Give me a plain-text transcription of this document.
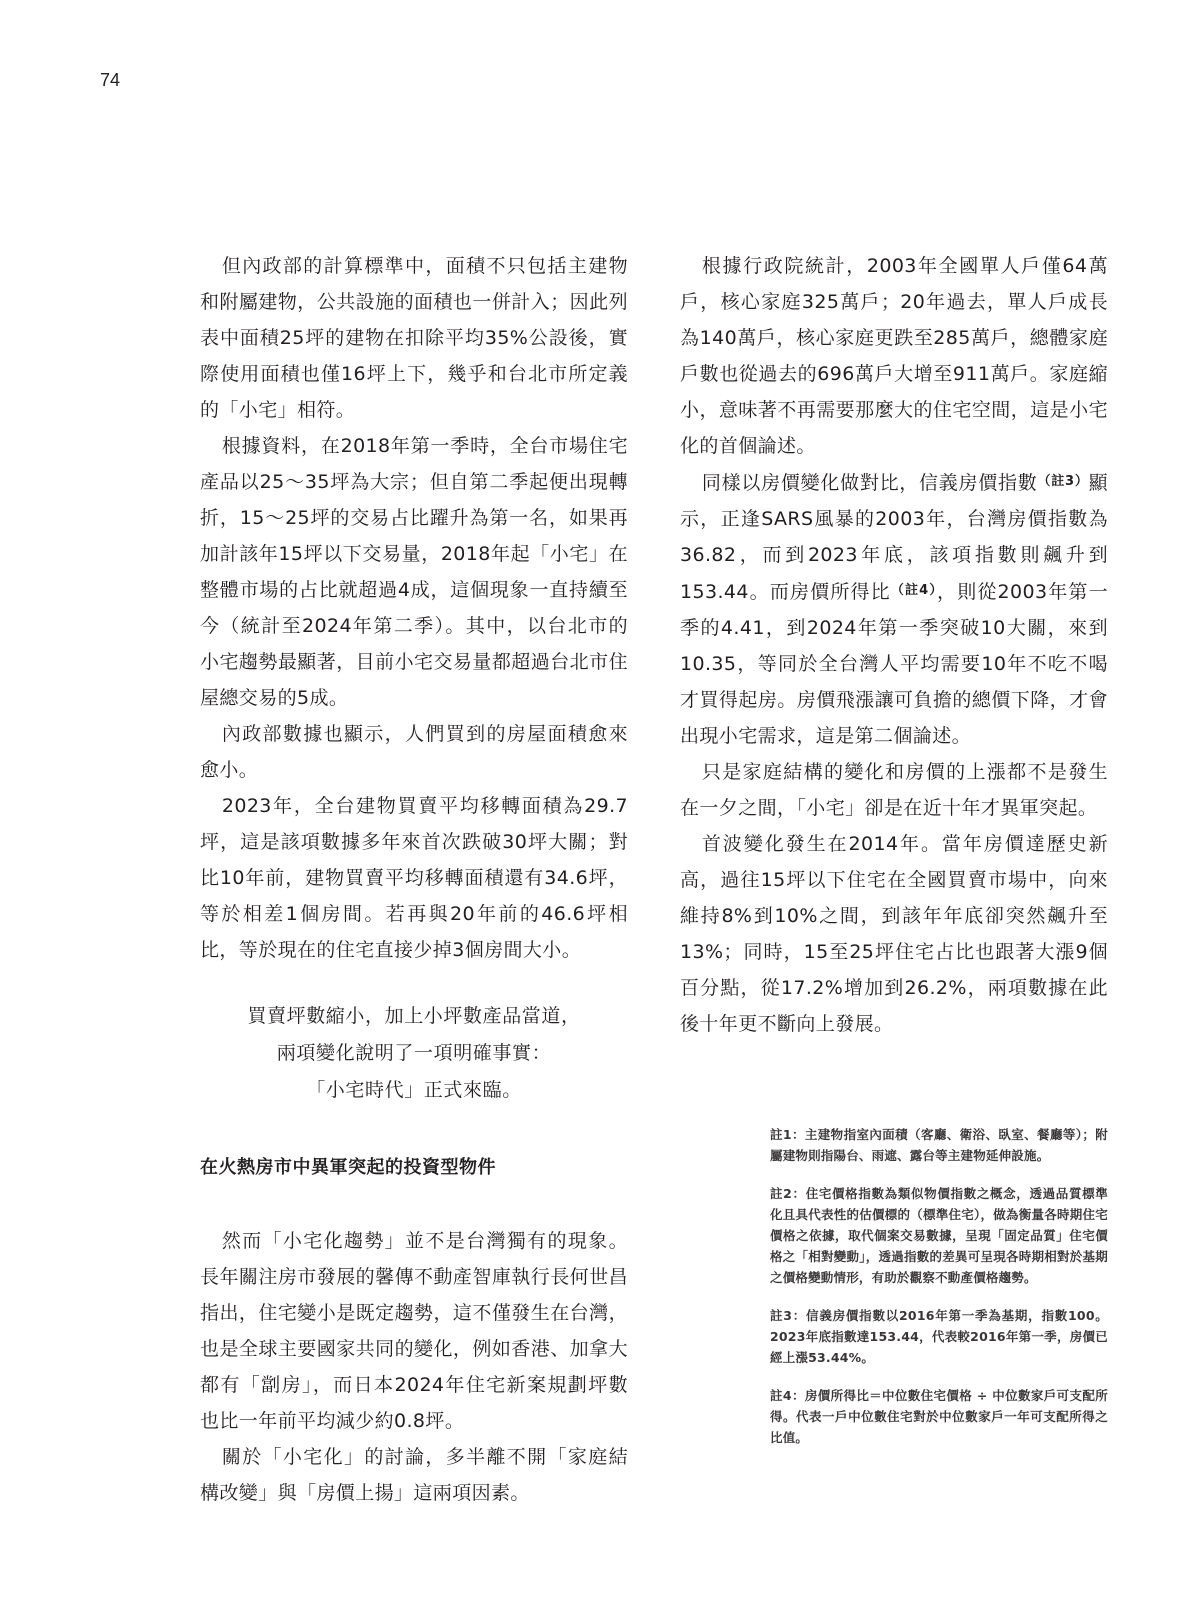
74

但內政部的計算標準中，面積不只包括主建物和附屬建物，公共設施的面積也一併計入；因此列表中面積25坪的建物在扣除平均35%公設後，實際使用面積也僅16坪上下，幾乎和台北市所定義的「小宅」相符。

根據資料，在2018年第一季時，全台市場住宅產品以25～35坪為大宗；但自第二季起便出現轉折，15～25坪的交易占比躍升為第一名，如果再加計該年15坪以下交易量，2018年起「小宅」在整體市場的占比就超過4成，這個現象一直持續至今（統計至2024年第二季）。其中，以台北市的小宅趨勢最顯著，目前小宅交易量都超過台北市住屋總交易的5成。

內政部數據也顯示，人們買到的房屋面積愈來愈小。

2023年，全台建物買賣平均移轉面積為29.7坪，這是該項數據多年來首次跌破30坪大關；對比10年前，建物買賣平均移轉面積還有34.6坪，等於相差1個房間。若再與20年前的46.6坪相比，等於現在的住宅直接少掉3個房間大小。

買賣坪數縮小，加上小坪數產品當道，
兩項變化說明了一項明確事實：
「小宅時代」正式來臨。
在火熱房市中異軍突起的投資型物件

然而「小宅化趨勢」並不是台灣獨有的現象。長年關注房市發展的馨傳不動產智庫執行長何世昌指出，住宅變小是既定趨勢，這不僅發生在台灣，也是全球主要國家共同的變化，例如香港、加拿大都有「劏房」，而日本2024年住宅新案規劃坪數也比一年前平均減少約0.8坪。

關於「小宅化」的討論，多半離不開「家庭結構改變」與「房價上揚」這兩項因素。

根據行政院統計，2003年全國單人戶僅64萬戶，核心家庭325萬戶；20年過去，單人戶成長為140萬戶，核心家庭更跌至285萬戶，總體家庭戶數也從過去的696萬戶大增至911萬戶。家庭縮小，意味著不再需要那麼大的住宅空間，這是小宅化的首個論述。

同樣以房價變化做對比，信義房價指數$^{(註3)}$顯示，正逢SARS風暴的2003年，台灣房價指數為36.82，而到2023年底，該項指數則飆升到153.44。而房價所得比$^{(註4)}$，則從2003年第一季的4.41，到2024年第一季突破10大關，來到10.35，等同於全台灣人平均需要10年不吃不喝才買得起房。房價飛漲讓可負擔的總價下降，才會出現小宅需求，這是第二個論述。

只是家庭結構的變化和房價的上漲都不是發生在一夕之間，「小宅」卻是在近十年才異軍突起。

首波變化發生在2014年。當年房價達歷史新高，過往15坪以下住宅在全國買賣市場中，向來維持8%到10%之間，到該年年底卻突然飆升至13%；同時，15至25坪住宅占比也跟著大漲9個百分點，從17.2%增加到26.2%，兩項數據在此後十年更不斷向上發展。

註1：主建物指室內面積（客廳、衛浴、臥室、餐廳等）；附屬建物則指陽台、雨遮、露台等主建物延伸設施。
註2：住宅價格指數為類似物價指數之概念，透過品質標準化且具代表性的估價標的（標準住宅），做為衡量各時期住宅價格之依據，取代個案交易數據，呈現「固定品質」住宅價格之「相對變動」，透過指數的差異可呈現各時期相對於基期之價格變動情形，有助於觀察不動產價格趨勢。
註3：信義房價指數以2016年第一季為基期，指數100。2023年底指數達153.44，代表較2016年第一季，房價已經上漲53.44%。
註4：房價所得比＝中位數住宅價格 ÷ 中位數家戶可支配所得。代表一戶中位數住宅對於中位數家戶一年可支配所得之比值。
